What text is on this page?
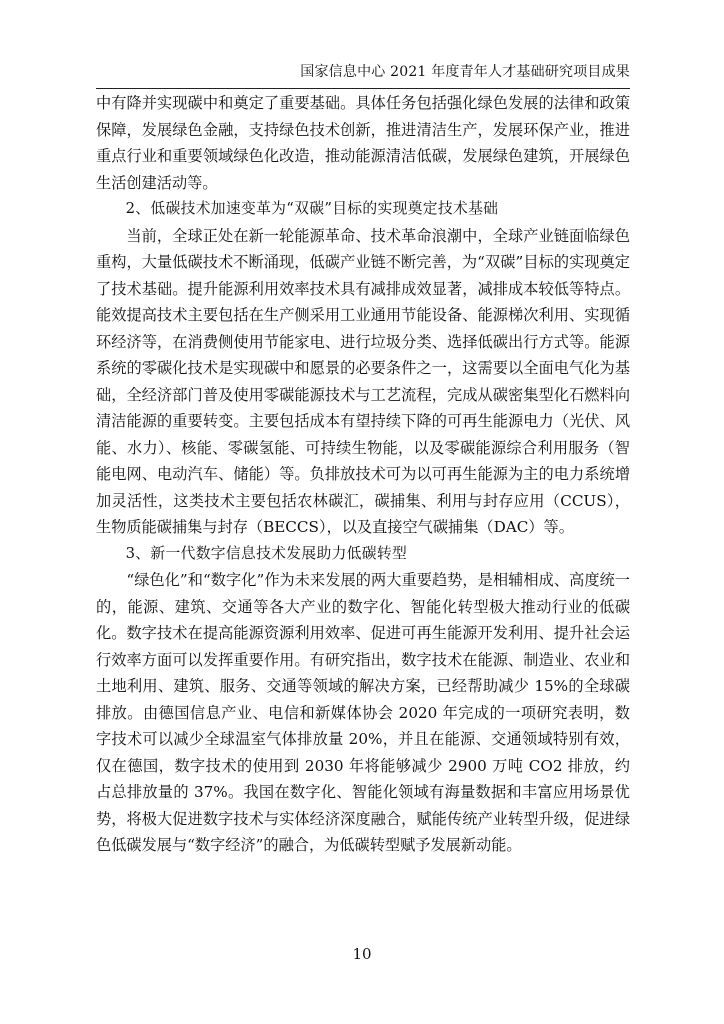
国家信息中心 2021 年度青年人才基础研究项目成果

中有降并实现碳中和奠定了重要基础。具体任务包括强化绿色发展的法律和政策保障，发展绿色金融，支持绿色技术创新，推进清洁生产，发展环保产业，推进重点行业和重要领域绿色化改造，推动能源清洁低碳，发展绿色建筑，开展绿色生活创建活动等。

2、低碳技术加速变革为“双碳”目标的实现奠定技术基础

当前，全球正处在新一轮能源革命、技术革命浪潮中，全球产业链面临绿色重构，大量低碳技术不断涌现，低碳产业链不断完善，为“双碳”目标的实现奠定了技术基础。提升能源利用效率技术具有减排成效显著，减排成本较低等特点。能效提高技术主要包括在生产侧采用工业通用节能设备、能源梯次利用、实现循环经济等，在消费侧使用节能家电、进行垃圾分类、选择低碳出行方式等。能源系统的零碳化技术是实现碳中和愿景的必要条件之一，这需要以全面电气化为基础，全经济部门普及使用零碳能源技术与工艺流程，完成从碳密集型化石燃料向清洁能源的重要转变。主要包括成本有望持续下降的可再生能源电力（光伏、风能、水力）、核能、零碳氢能、可持续生物能，以及零碳能源综合利用服务（智能电网、电动汽车、储能）等。负排放技术可为以可再生能源为主的电力系统增加灵活性，这类技术主要包括农林碳汇，碳捕集、利用与封存应用（CCUS），生物质能碳捕集与封存（BECCS），以及直接空气碳捕集（DAC）等。

3、新一代数字信息技术发展助力低碳转型

“绿色化”和“数字化”作为未来发展的两大重要趋势，是相辅相成、高度统一的，能源、建筑、交通等各大产业的数字化、智能化转型极大推动行业的低碳化。数字技术在提高能源资源利用效率、促进可再生能源开发利用、提升社会运行效率方面可以发挥重要作用。有研究指出，数字技术在能源、制造业、农业和土地利用、建筑、服务、交通等领域的解决方案，已经帮助减少 15%的全球碳排放。由德国信息产业、电信和新媒体协会 2020 年完成的一项研究表明，数字技术可以减少全球温室气体排放量 20%，并且在能源、交通领域特别有效，仅在德国，数字技术的使用到 2030 年将能够减少 2900 万吨 CO2 排放，约占总排放量的 37%。我国在数字化、智能化领域有海量数据和丰富应用场景优势，将极大促进数字技术与实体经济深度融合，赋能传统产业转型升级，促进绿色低碳发展与“数字经济”的融合，为低碳转型赋予发展新动能。

10
